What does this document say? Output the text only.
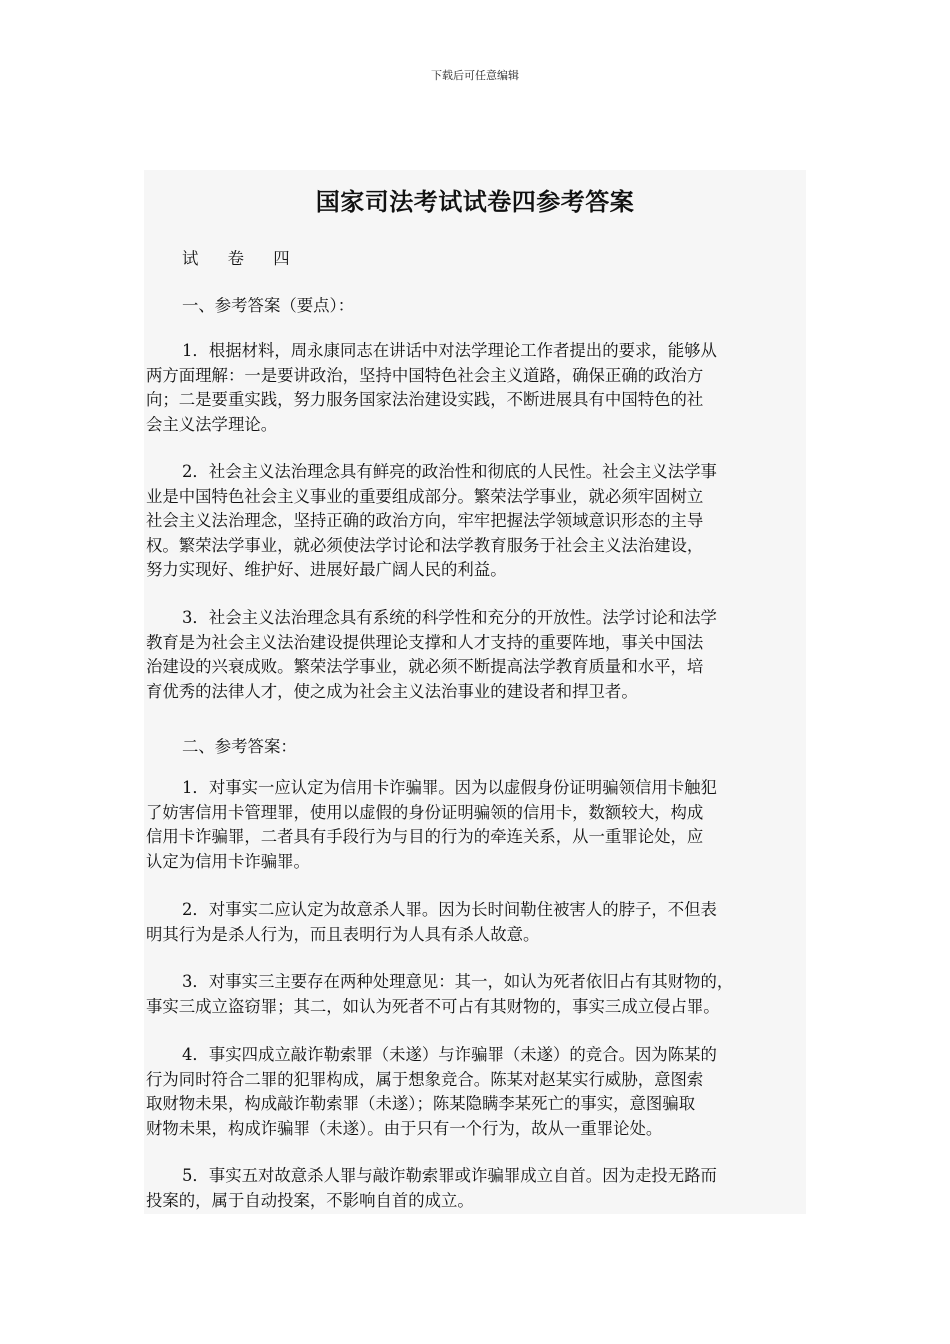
下载后可任意编辑
国家司法考试试卷四参考答案

试 卷 四

一、参考答案（要点）：

1．根据材料，周永康同志在讲话中对法学理论工作者提出的要求，能够从
两方面理解：一是要讲政治，坚持中国特色社会主义道路，确保正确的政治方
向；二是要重实践，努力服务国家法治建设实践，不断进展具有中国特色的社
会主义法学理论。
2．社会主义法治理念具有鲜亮的政治性和彻底的人民性。社会主义法学事
业是中国特色社会主义事业的重要组成部分。繁荣法学事业，就必须牢固树立
社会主义法治理念，坚持正确的政治方向，牢牢把握法学领域意识形态的主导
权。繁荣法学事业，就必须使法学讨论和法学教育服务于社会主义法治建设，
努力实现好、维护好、进展好最广阔人民的利益。
3．社会主义法治理念具有系统的科学性和充分的开放性。法学讨论和法学
教育是为社会主义法治建设提供理论支撑和人才支持的重要阵地，事关中国法
治建设的兴衰成败。繁荣法学事业，就必须不断提高法学教育质量和水平，培
育优秀的法律人才，使之成为社会主义法治事业的建设者和捍卫者。

二、参考答案：

1．对事实一应认定为信用卡诈骗罪。因为以虚假身份证明骗领信用卡触犯
了妨害信用卡管理罪，使用以虚假的身份证明骗领的信用卡，数额较大，构成
信用卡诈骗罪，二者具有手段行为与目的行为的牵连关系，从一重罪论处，应
认定为信用卡诈骗罪。
2．对事实二应认定为故意杀人罪。因为长时间勒住被害人的脖子，不但表
明其行为是杀人行为，而且表明行为人具有杀人故意。
3．对事实三主要存在两种处理意见：其一，如认为死者依旧占有其财物的，
事实三成立盗窃罪；其二，如认为死者不可占有其财物的，事实三成立侵占罪。
4．事实四成立敲诈勒索罪（未遂）与诈骗罪（未遂）的竞合。因为陈某的
行为同时符合二罪的犯罪构成，属于想象竞合。陈某对赵某实行威胁，意图索
取财物未果，构成敲诈勒索罪（未遂）；陈某隐瞒李某死亡的事实，意图骗取
财物未果，构成诈骗罪（未遂）。由于只有一个行为，故从一重罪论处。
5．事实五对故意杀人罪与敲诈勒索罪或诈骗罪成立自首。因为走投无路而
投案的，属于自动投案，不影响自首的成立。
